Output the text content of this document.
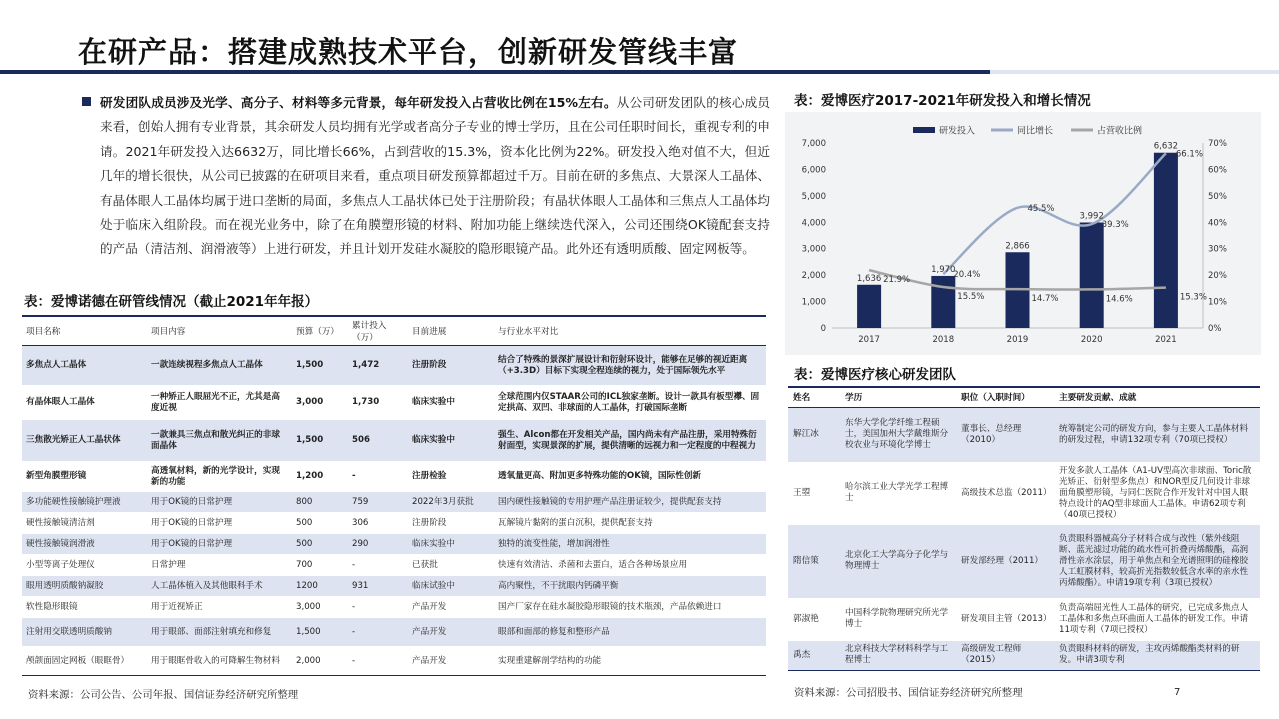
在研产品：搭建成熟技术平台，创新研发管线丰富
研发团队成员涉及光学、高分子、材料等多元背景，每年研发投入占营收比例在15%左右。从公司研发团队的核心成员来看，创始人拥有专业背景，其余研发人员均拥有光学或者高分子专业的博士学历，且在公司任职时间长，重视专利的申请。2021年研发投入达6632万，同比增长66%，占到营收的15.3%，资本化比例为22%。研发投入绝对值不大，但近几年的增长很快，从公司已披露的在研项目来看，重点项目研发预算都超过千万。目前在研的多焦点、大景深人工晶体、有晶体眼人工晶体均属于进口垄断的局面，多焦点人工晶状体已处于注册阶段；有晶状体眼人工晶体和三焦点人工晶体均处于临床入组阶段。而在视光业务中，除了在角膜塑形镜的材料、附加功能上继续迭代深入，公司还围绕OK镜配套支持的产品（清洁剂、润滑液等）上进行研发，并且计划开发硅水凝胶的隐形眼镜产品。此外还有透明质酸、固定网板等。
表：爱博诺德在研管线情况（截止2021年年报）
项目名称	项目内容	预算（万）	累计投入（万）	目前进展	与行业水平对比
多焦点人工晶体	一款连续视程多焦点人工晶体	1,500	1,472	注册阶段	结合了特殊的景深扩展设计和衍射环设计，能够在足够的视近距离（+3.3D）目标下实现全程连续的视力，处于国际领先水平
有晶体眼人工晶体	一种矫正人眼屈光不正，尤其是高度近视	3,000	1,730	临床实验中	全球范围内仅STAAR公司的ICL独家垄断。设计一款具有板型襻、固定拱高、双凹、非球面的人工晶体，打破国际垄断
三焦散光矫正人工晶状体	一款兼具三焦点和散光纠正的非球面晶体	1,500	506	临床实验中	强生、Alcon都在开发相关产品，国内尚未有产品注册，采用特殊衍射面型，实现景深的扩展，提供清晰的远视力和一定程度的中程视力
新型角膜塑形镜	高透氧材料，新的光学设计，实现新的功能	1,200	-	注册检验	透氧量更高、附加更多特殊功能的OK镜，国际性创新
多功能硬性接触镜护理液	用于OK镜的日常护理	800	759	2022年3月获批	国内硬性接触镜的专用护理产品注册证较少，提供配套支持
硬性接触镜清洁剂	用于OK镜的日常护理	500	306	注册阶段	瓦解镜片黏附的蛋白沉积，提供配套支持
硬性接触镜润滑液	用于OK镜的日常护理	500	290	临床实验中	独特的流变性能，增加润滑性
小型等离子处理仪	日常护理	700	-	已获批	快速有效清洁、杀菌和去蛋白，适合各种场景应用
眼用透明质酸钠凝胶	人工晶体植入及其他眼科手术	1200	931	临床试验中	高内聚性，不干扰眼内钙磷平衡
软性隐形眼镜	用于近视矫正	3,000	-	产品开发	国产厂家存在硅水凝胶隐形眼镜的技术瓶颈，产品依赖进口
注射用交联透明质酸钠	用于眼部、面部注射填充和修复	1,500	-	产品开发	眼部和面部的修复和整形产品
颅颌面固定网板（眼眶骨）	用于眼眶骨收入的可降解生物材料	2,000	-	产品开发	实现重建解剖学结构的功能
资料来源：公司公告、公司年报、国信证券经济研究所整理
表：爱博医疗2017-2021年研发投入和增长情况
0
1,000
2,000
3,000
4,000
5,000
6,000
7,000
0%
10%
20%
30%
40%
50%
60%
70%
2017	2018	2019	2020	2021
1,636
1,970
2,866
3,992
6,632
20.4%
45.5%
39.3%
66.1%
21.9%
15.5%	14.7%	14.6%	15.3%
研发投入	同比增长	占营收比例
表：爱博医疗核心研发团队
姓名	学历	职位（入职时间）	主要研发贡献、成就
解江冰	东华大学化学纤维工程硕士，美国加州大学戴维斯分校农业与环境化学博士	董事长、总经理（2010）	统筹制定公司的研发方向，参与主要人工晶体材料的研发过程，申请132项专利（70项已授权）
王曌	哈尔滨工业大学光学工程博士	高级技术总监（2011）	开发多款人工晶体（A1-UV型高次非球面、Toric散光矫正、衍射型多焦点）和NOR型反几何设计非球面角膜塑形镜，与同仁医院合作开发针对中国人眼特点设计的AQ型非球面人工晶体。申请62项专利（40项已授权）
隋信策	北京化工大学高分子化学与物理博士	研发部经理（2011）	负责眼科器械高分子材料合成与改性（紫外线阻断、蓝光滤过功能的疏水性可折叠丙烯酸酯，高润滑性亲水涂层，用于单焦点和全光谱照明的硅橡胶人工虹膜材料，较高折光指数较低含水率的亲水性丙烯酸酯）。申请19项专利（3项已授权）
郭淑艳	中国科学院物理研究所光学博士	研发项目主管（2013）	负责高端屈光性人工晶体的研究，已完成多焦点人工晶体和多焦点环曲面人工晶体的研发工作。申请11项专利（7项已授权）
禹杰	北京科技大学材料科学与工程博士	高级研发工程师（2015）	负责眼科材料的研发，主攻丙烯酸酯类材料的研发。申请3项专利
资料来源：公司招股书、国信证券经济研究所整理	7
